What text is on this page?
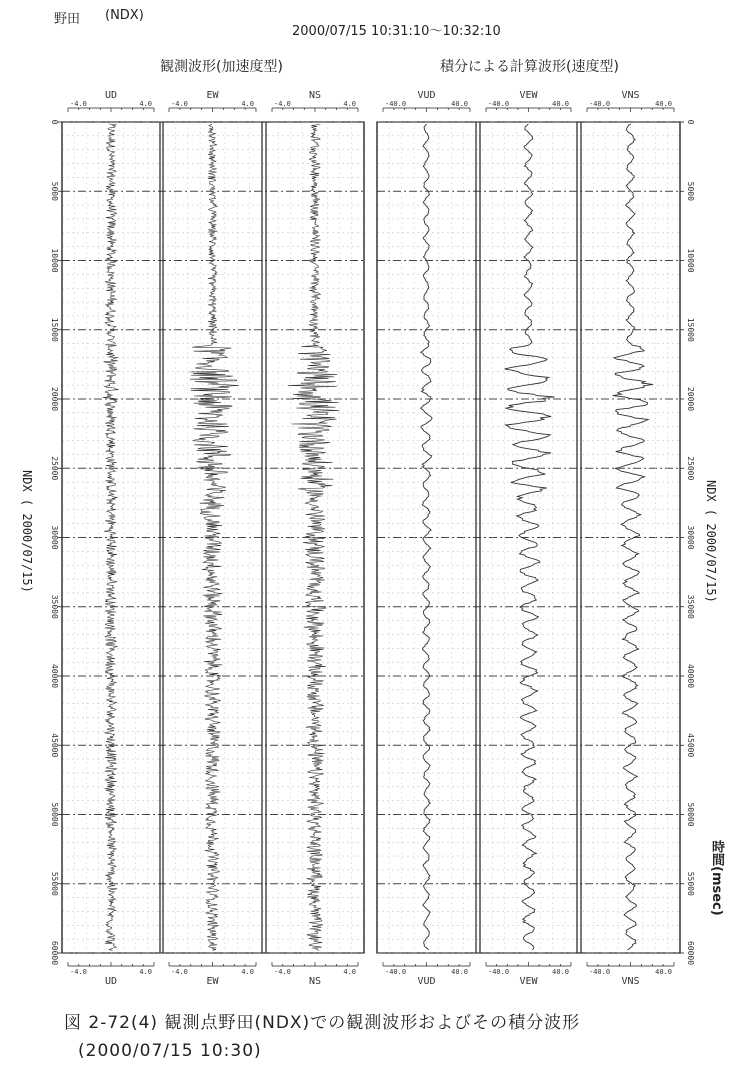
野田 (NDX)
2000/07/15 10:31:10～10:32:10
観測波形(加速度型)	積分による計算波形(速度型)
NDX ( 2000/07/15)	NDX ( 2000/07/15)
時間(msec)
0	0
5000	5000
10000	10000
15000	15000
20000	20000
25000	25000
30000	30000
35000	35000
40000	40000
45000	45000
50000	50000
55000	55000
60000	60000
-4.0	4.0
UD
-4.0	4.0
UD
-4.0	4.0
EW
-4.0	4.0
EW
-4.0	4.0
NS
-4.0	4.0
NS
-40.0	40.0
VUD
-40.0	40.0
VUD
-40.0	40.0
VEW
-40.0	40.0
VEW
-40.0	40.0
VNS
-40.0	40.0
VNS
図 2-72(4) 観測点野田(NDX)での観測波形およびその積分波形
(2000/07/15 10:30)
